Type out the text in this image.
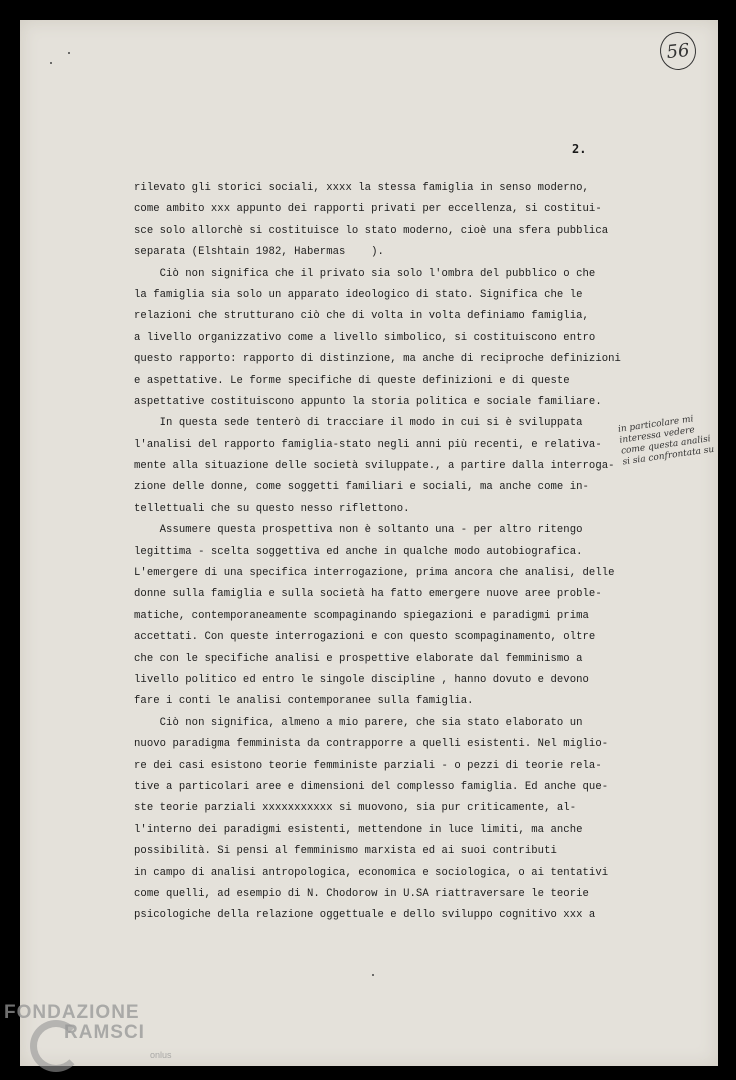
56
2.
rilevato gli storici sociali, xxxx la stessa famiglia in senso moderno,
come ambito xxx appunto dei rapporti privati per eccellenza, si costitui-
sce solo allorchè si costituisce lo stato moderno, cioè una sfera pubblica
separata (Elshtain 1982, Habermas    ).
Ciò non significa che il privato sia solo l'ombra del pubblico o che
la famiglia sia solo un apparato ideologico di stato. Significa che le
relazioni che strutturano ciò che di volta in volta definiamo famiglia,
a livello organizzativo come a livello simbolico, si costituiscono entro
questo rapporto: rapporto di distinzione, ma anche di reciproche definizioni
e aspettative. Le forme specifiche di queste definizioni e di queste
aspettative costituiscono appunto la storia politica e sociale familiare.
In questa sede tenterò di tracciare il modo in cui si è sviluppata
l'analisi del rapporto famiglia-stato negli anni più recenti, e relativa-
mente alla situazione delle società sviluppate., a partire dalla interroga-
zione delle donne, come soggetti familiari e sociali, ma anche come in-
tellettuali che su questo nesso riflettono.
Assumere questa prospettiva non è soltanto una - per altro ritengo
legittima - scelta soggettiva ed anche in qualche modo autobiografica.
L'emergere di una specifica interrogazione, prima ancora che analisi, delle
donne sulla famiglia e sulla società ha fatto emergere nuove aree proble-
matiche, contemporaneamente scompaginando spiegazioni e paradigmi prima
accettati. Con queste interrogazioni e con questo scompaginamento, oltre
che con le specifiche analisi e prospettive elaborate dal femminismo a
livello politico ed entro le singole discipline , hanno dovuto e devono
fare i conti le analisi contemporanee sulla famiglia.
Ciò non significa, almeno a mio parere, che sia stato elaborato un
nuovo paradigma femminista da contrapporre a quelli esistenti. Nel miglio-
re dei casi esistono teorie femministe parziali - o pezzi di teorie rela-
tive a particolari aree e dimensioni del complesso famiglia. Ed anche que-
ste teorie parziali xxxxxxxxxxx si muovono, sia pur criticamente, al-
l'interno dei paradigmi esistenti, mettendone in luce limiti, ma anche
possibilità. Si pensi al femminismo marxista ed ai suoi contributi
in campo di analisi antropologica, economica e sociologica, o ai tentativi
come quelli, ad esempio di N. Chodorow in U.SA riattraversare le teorie
psicologiche della relazione oggettuale e dello sviluppo cognitivo xxx a
in particolare mi interessa vedere come questa analisi si sia confrontata su
FONDAZIONE
RAMSCI
onlus
